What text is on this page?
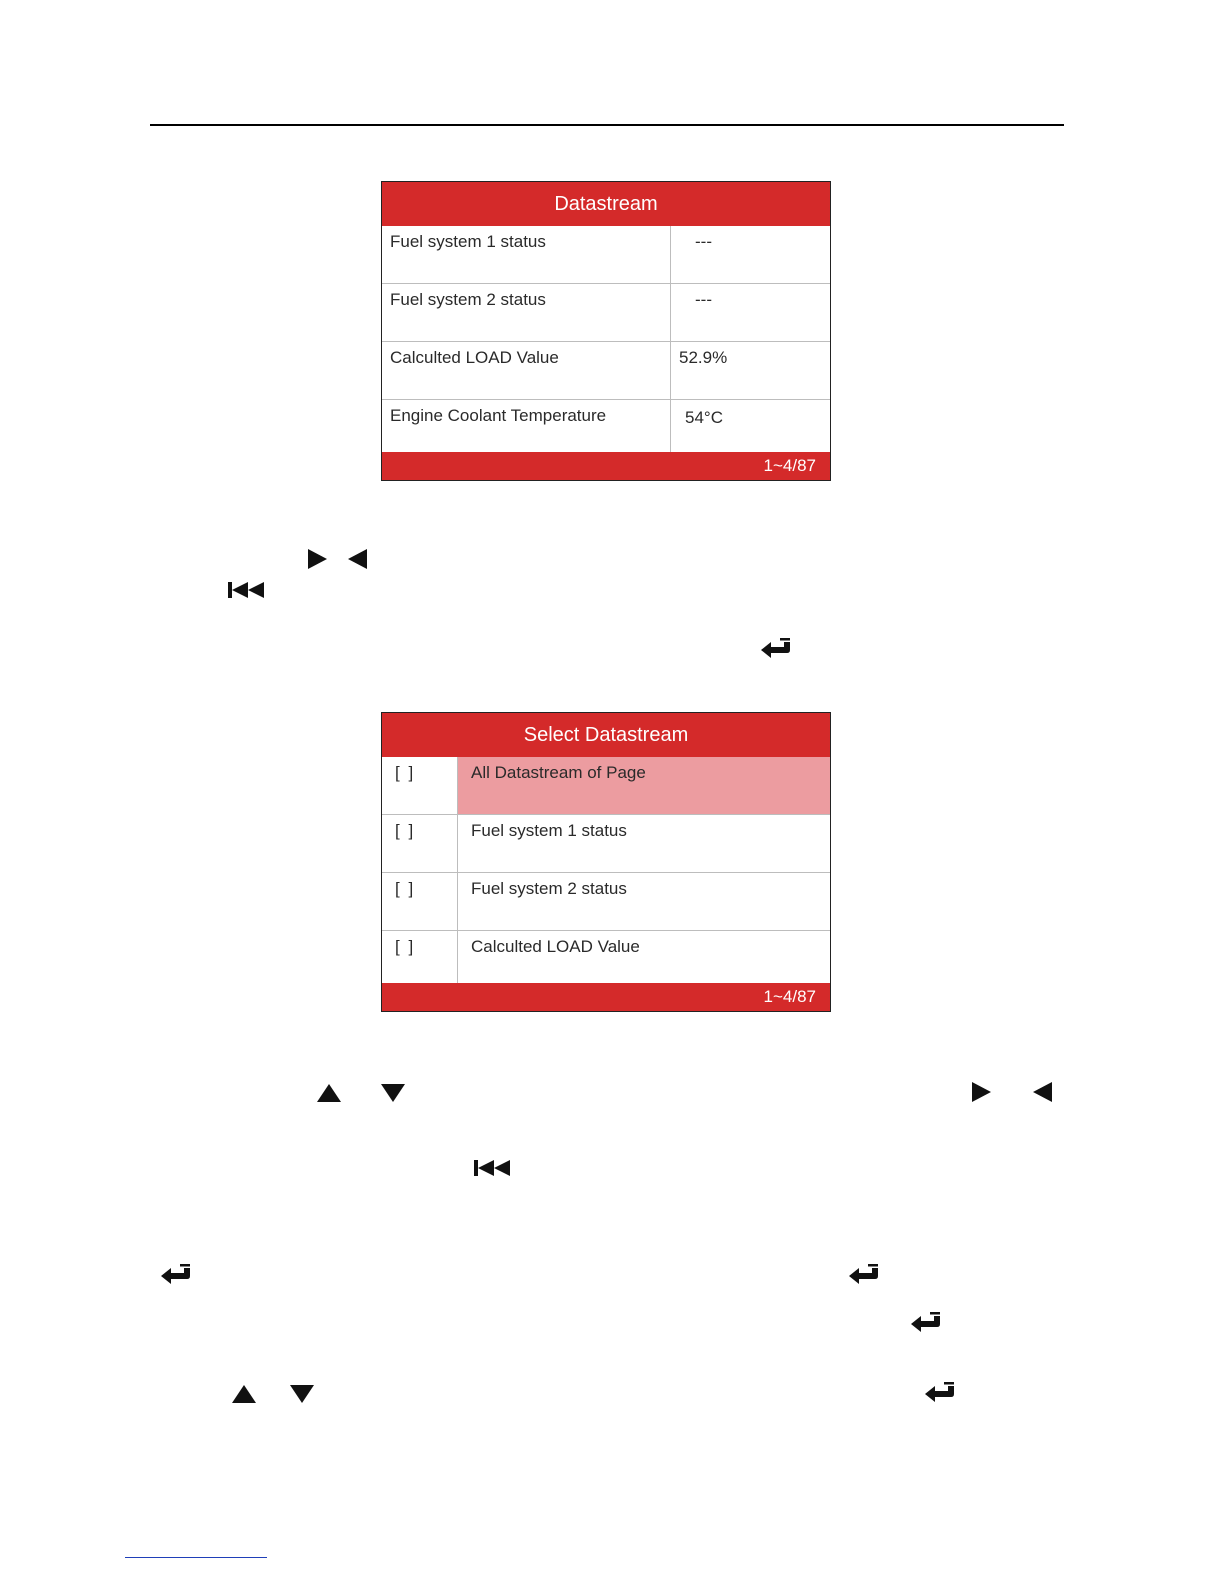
Datastream
Fuel system 1 status	---
Fuel system 2 status	---
Calculted LOAD Value	52.9%
Engine Coolant Temperature	54°C
1~4/87
Select Datastream
[ ]	All Datastream of Page
[ ]	Fuel system 1 status
[ ]	Fuel system 2 status
[ ]	Calculted LOAD Value
1~4/87
